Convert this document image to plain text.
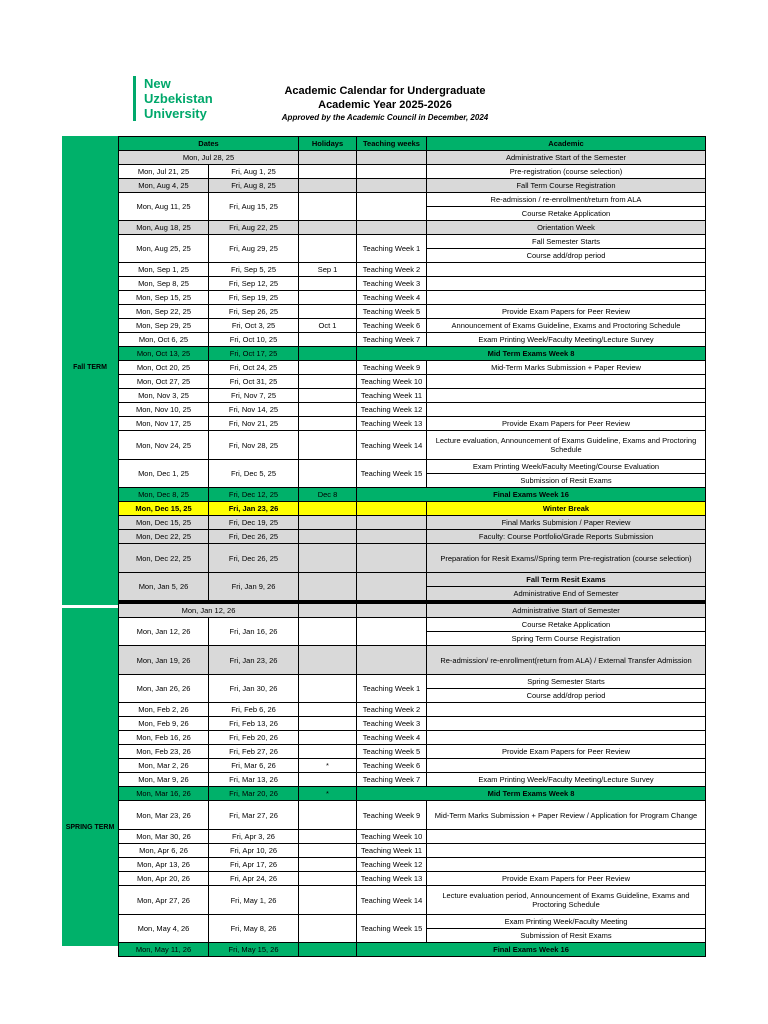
New
Uzbekistan
University
Academic Calendar for Undergraduate
Academic Year 2025-2026
Approved by the Academic Council in December, 2024
Fall TERM
SPRING TERM
Dates		Holidays	Teaching weeks	Academic
Mon, Jul 28, 25				Administrative Start of the Semester
Mon, Jul 21, 25	Fri, Aug 1, 25			Pre-registration (course selection)
Mon, Aug 4, 25	Fri, Aug 8, 25			Fall Term Course Registration
Mon, Aug 11, 25	Fri, Aug 15, 25			Re-admission / re-enrollment/return from ALA
				Course Retake Application
Mon, Aug 18, 25	Fri, Aug 22, 25			Orientation Week
Mon, Aug 25, 25	Fri, Aug 29, 25		Teaching Week 1	Fall Semester Starts
				Course add/drop period
Mon, Sep 1, 25	Fri, Sep 5, 25	Sep 1	Teaching Week 2	
Mon, Sep 8, 25	Fri, Sep 12, 25		Teaching Week 3	
Mon, Sep 15, 25	Fri, Sep 19, 25		Teaching Week 4	
Mon, Sep 22, 25	Fri, Sep 26, 25		Teaching Week 5	Provide Exam Papers for Peer Review
Mon, Sep 29, 25	Fri, Oct 3, 25	Oct 1	Teaching Week 6	Announcement of Exams Guideline, Exams and Proctoring Schedule
Mon, Oct 6, 25	Fri, Oct 10, 25		Teaching Week 7	Exam Printing Week/Faculty Meeting/Lecture Survey
Mon, Oct 13, 25	Fri, Oct 17, 25		Mid Term Exams Week 8	
Mon, Oct 20, 25	Fri, Oct 24, 25		Teaching Week 9	Mid-Term Marks Submission + Paper Review
Mon, Oct 27, 25	Fri, Oct 31, 25		Teaching Week 10	
Mon, Nov 3, 25	Fri, Nov 7, 25		Teaching Week 11	
Mon, Nov 10, 25	Fri, Nov 14, 25		Teaching Week 12	
Mon, Nov 17, 25	Fri, Nov 21, 25		Teaching Week 13	Provide Exam Papers for Peer Review
Mon, Nov 24, 25	Fri, Nov 28, 25		Teaching Week 14	Lecture evaluation, Announcement of Exams Guideline, Exams and Proctoring Schedule
Mon, Dec 1, 25	Fri, Dec 5, 25		Teaching Week 15	Exam Printing Week/Faculty Meeting/Course Evaluation
				Submission of Resit Exams
Mon, Dec 8, 25	Fri, Dec 12, 25	Dec 8	Final Exams Week 16	
Mon, Dec 15, 25	Fri, Jan 23, 26			Winter Break
Mon, Dec 15, 25	Fri, Dec 19, 25			Final Marks Submision / Paper Review
Mon, Dec 22, 25	Fri, Dec 26, 25			Faculty: Course Portfolio/Grade Reports Submission
Mon, Dec 22, 25	Fri, Dec 26, 25			Preparation for Resit Exams//Spring term Pre-registration (course selection)
Mon, Jan 5, 26	Fri, Jan 9, 26			Fall Term Resit Exams
				Administrative End of Semester

Mon, Jan 12, 26				Administrative Start of Semester
Mon, Jan 12, 26	Fri, Jan 16, 26			Course Retake Application
				Spring Term Course Registration
Mon, Jan 19, 26	Fri, Jan 23, 26			Re-admission/ re-enrollment(return from ALA) / External Transfer Admission
Mon, Jan 26, 26	Fri, Jan 30, 26		Teaching Week 1	Spring Semester Starts
				Course add/drop period
Mon, Feb 2, 26	Fri, Feb 6, 26		Teaching Week 2	
Mon, Feb 9, 26	Fri, Feb 13, 26		Teaching Week 3	
Mon, Feb 16, 26	Fri, Feb 20, 26		Teaching Week 4	
Mon, Feb 23, 26	Fri, Feb 27, 26		Teaching Week 5	Provide Exam Papers for Peer Review
Mon, Mar 2, 26	Fri, Mar 6, 26	*	Teaching Week 6	
Mon, Mar 9, 26	Fri, Mar 13, 26		Teaching Week 7	Exam Printing Week/Faculty Meeting/Lecture Survey
Mon, Mar 16, 26	Fri, Mar 20, 26	*	Mid Term Exams Week 8	
Mon, Mar 23, 26	Fri, Mar 27, 26		Teaching Week 9	Mid-Term Marks Submission + Paper Review / Application for Program Change
Mon, Mar 30, 26	Fri, Apr 3, 26		Teaching Week 10	
Mon, Apr 6, 26	Fri, Apr 10, 26		Teaching Week 11	
Mon, Apr 13, 26	Fri, Apr 17, 26		Teaching Week 12	
Mon, Apr 20, 26	Fri, Apr 24, 26		Teaching Week 13	Provide Exam Papers for Peer Review
Mon, Apr 27, 26	Fri, May 1, 26		Teaching Week 14	Lecture evaluation period, Announcement of Exams Guideline, Exams and Proctoring Schedule
Mon, May 4, 26	Fri, May 8, 26		Teaching Week 15	Exam Printing Week/Faculty Meeting
				Submission of Resit Exams
Mon, May 11, 26	Fri, May 15, 26		Final Exams Week 16	
